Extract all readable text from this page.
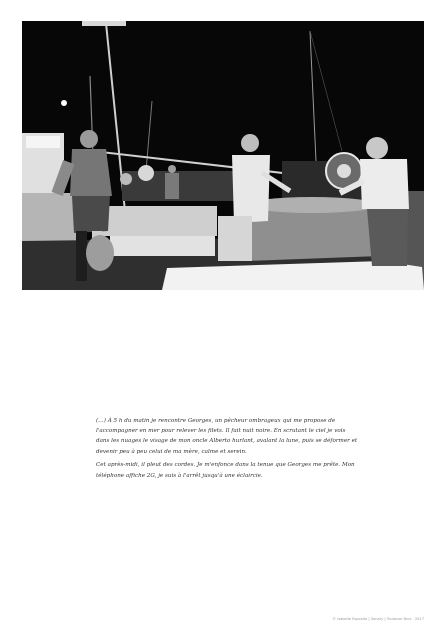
(…) À 5 h du matin je rencontre Georges, un pêcheur ombrageux qui me propose de l'accompagner en mer pour relever les filets. Il fait nuit noire. En scrutant le ciel je vois dans les nuages le visage de mon oncle Alberto hurlant, avalant la lune, puis se déformer et devenir peu à peu celui de ma mère, calme et serein.

Cet après-midi, il pleut des cordes. Je m'enfonce dans la tenue que Georges me prête. Mon téléphone affiche 2G, je suis à l'arrêt jusqu'à une éclaircie.

© Isabelle Esposito | Sanary | Toulouse Nice · 2017
